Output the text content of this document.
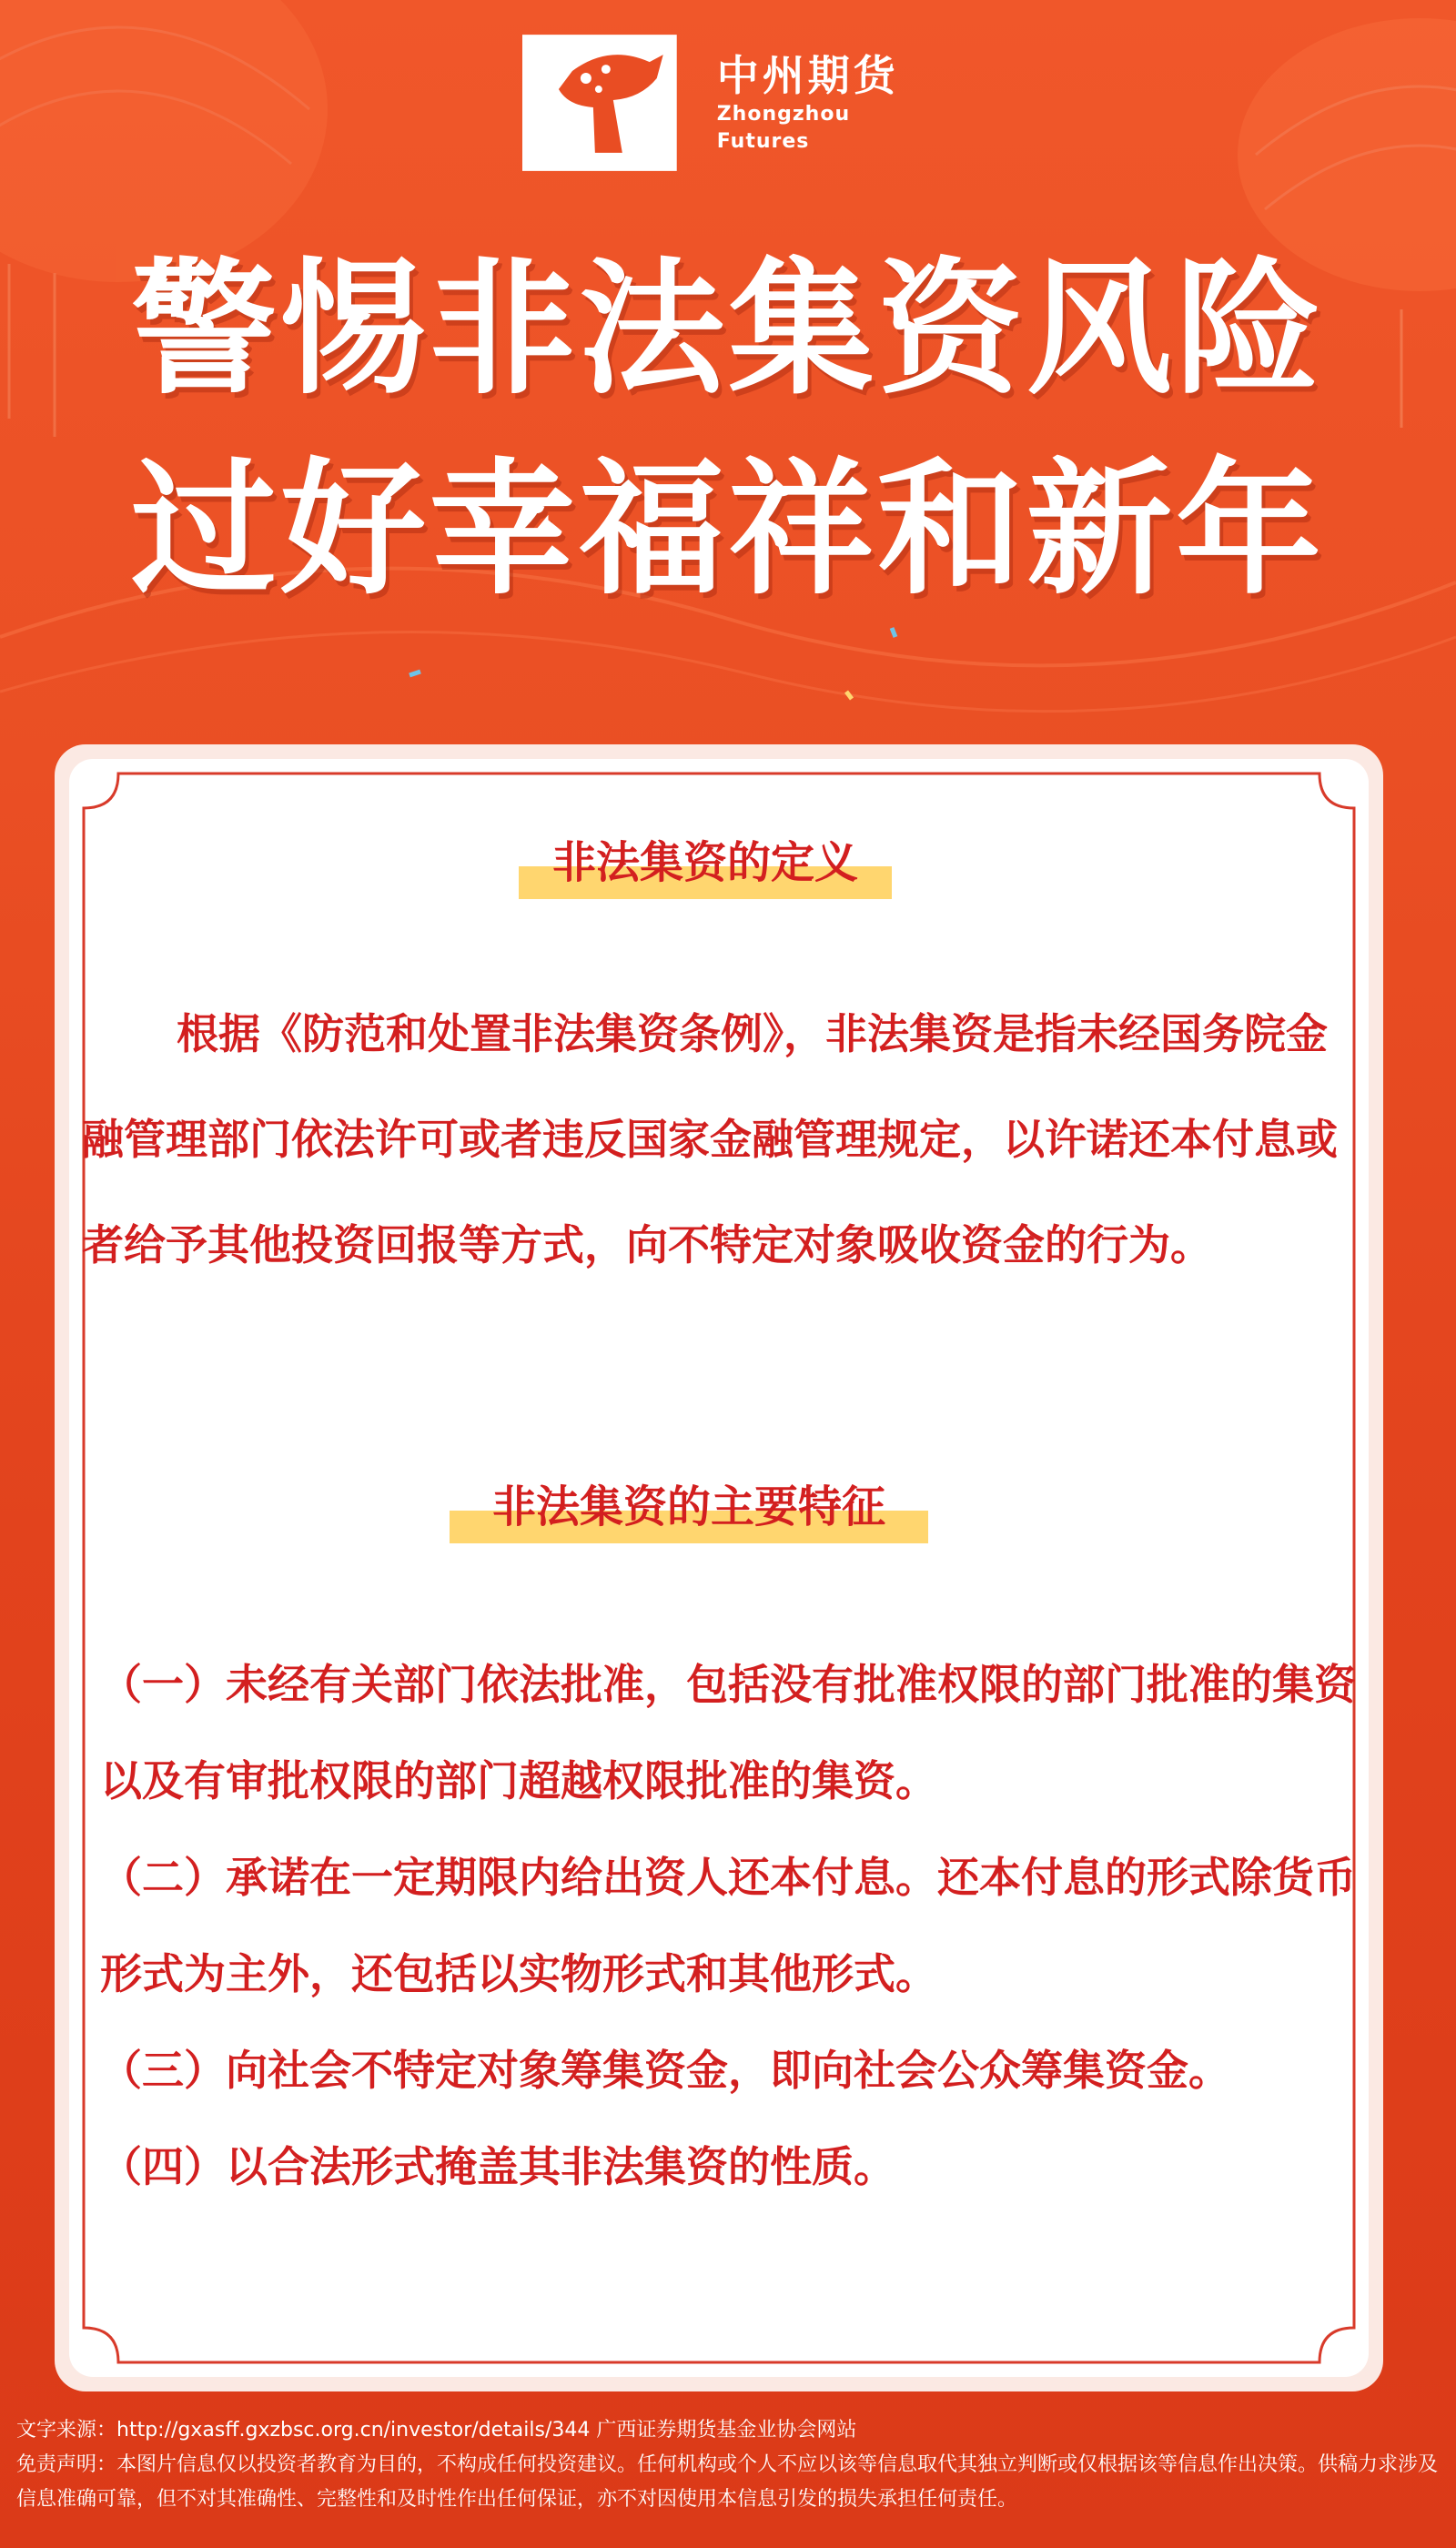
中州期货
Zhongzhou Futures
警惕非法集资风险
过好幸福祥和新年
非法集资的定义
根据《防范和处置非法集资条例》，非法集资是指未经国务院金融管理部门依法许可或者违反国家金融管理规定，以许诺还本付息或者给予其他投资回报等方式，向不特定对象吸收资金的行为。
非法集资的主要特征
（一）未经有关部门依法批准，包括没有批准权限的部门批准的集资以及有审批权限的部门超越权限批准的集资。
（二）承诺在一定期限内给出资人还本付息。还本付息的形式除货币形式为主外，还包括以实物形式和其他形式。
（三）向社会不特定对象筹集资金，即向社会公众筹集资金。
（四）以合法形式掩盖其非法集资的性质。
文字来源：http://gxasff.gxzbsc.org.cn/investor/details/344 广西证券期货基金业协会网站
免责声明：本图片信息仅以投资者教育为目的，不构成任何投资建议。任何机构或个人不应以该等信息取代其独立判断或仅根据该等信息作出决策。供稿力求涉及信息准确可靠，但不对其准确性、完整性和及时性作出任何保证，亦不对因使用本信息引发的损失承担任何责任。
